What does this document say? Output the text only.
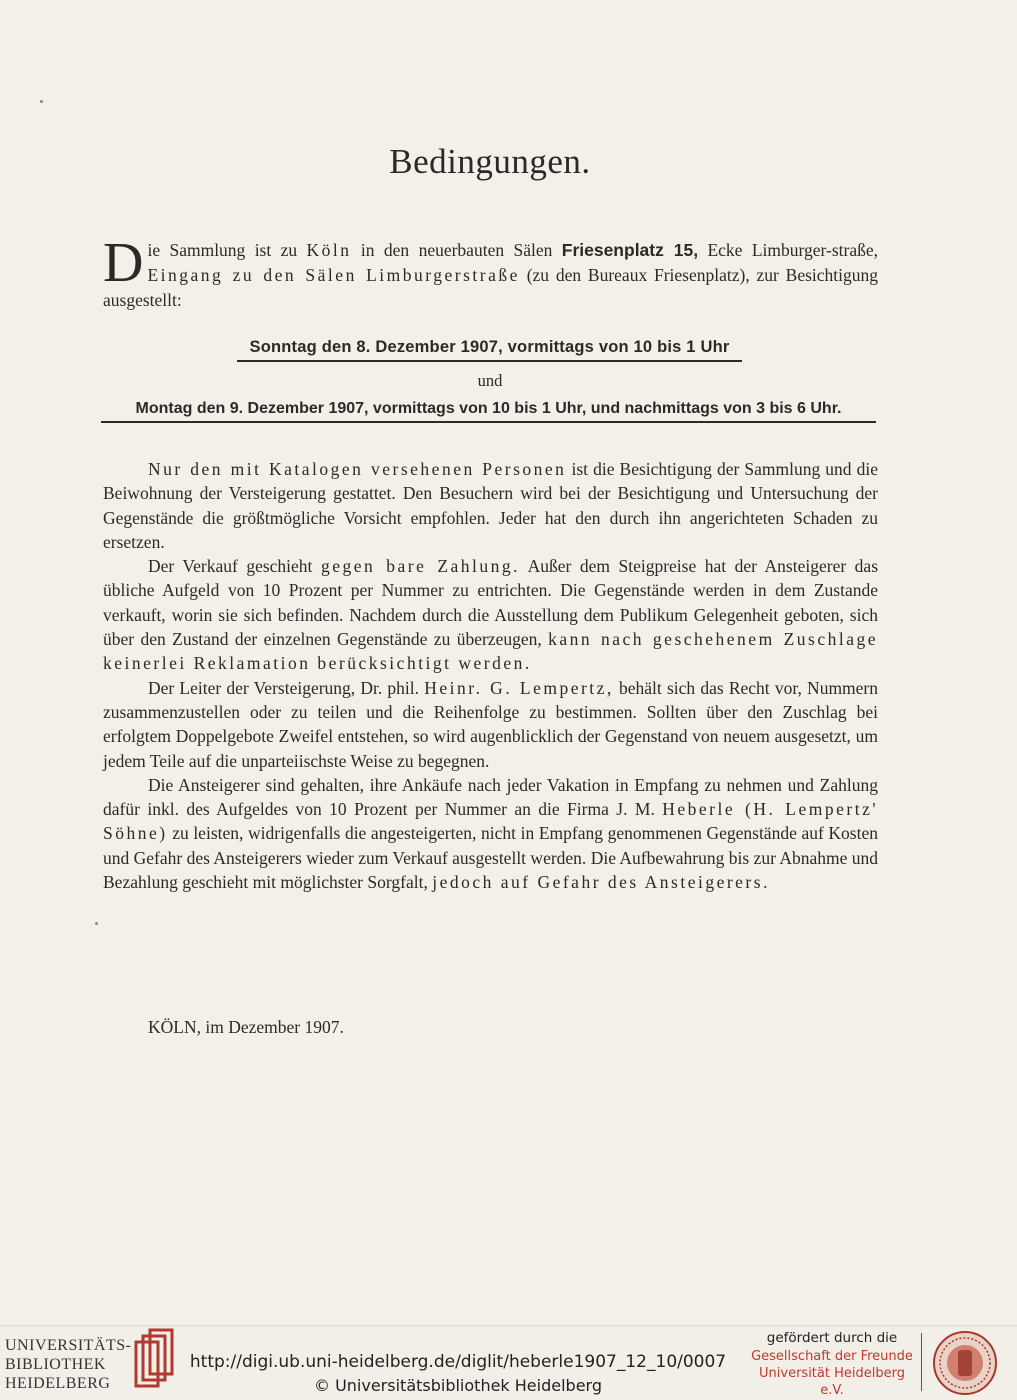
Bedingungen.
Die Sammlung ist zu Köln in den neuerbauten Sälen Friesenplatz 15, Ecke Limburger-straße, Eingang zu den Sälen Limburgerstraße (zu den Bureaux Friesenplatz), zur Besichtigung ausgestellt:
Sonntag den 8. Dezember 1907, vormittags von 10 bis 1 Uhr
und
Montag den 9. Dezember 1907, vormittags von 10 bis 1 Uhr, und nachmittags von 3 bis 6 Uhr.

Nur den mit Katalogen versehenen Personen ist die Besichtigung der Sammlung und die Beiwohnung der Versteigerung gestattet. Den Besuchern wird bei der Besichtigung und Untersuchung der Gegenstände die größtmögliche Vorsicht empfohlen. Jeder hat den durch ihn angerichteten Schaden zu ersetzen.

Der Verkauf geschieht gegen bare Zahlung. Außer dem Steigpreise hat der Ansteigerer das übliche Aufgeld von 10 Prozent per Nummer zu entrichten. Die Gegenstände werden in dem Zustande verkauft, worin sie sich befinden. Nachdem durch die Ausstellung dem Publikum Gelegenheit geboten, sich über den Zustand der einzelnen Gegenstände zu überzeugen, kann nach geschehenem Zuschlage keinerlei Reklamation berücksichtigt werden.

Der Leiter der Versteigerung, Dr. phil. Heinr. G. Lempertz, behält sich das Recht vor, Nummern zusammenzustellen oder zu teilen und die Reihenfolge zu bestimmen. Sollten über den Zuschlag bei erfolgtem Doppelgebote Zweifel entstehen, so wird augenblicklich der Gegenstand von neuem ausgesetzt, um jedem Teile auf die unparteiischste Weise zu begegnen.

Die Ansteigerer sind gehalten, ihre Ankäufe nach jeder Vakation in Empfang zu nehmen und Zahlung dafür inkl. des Aufgeldes von 10 Prozent per Nummer an die Firma J. M. Heberle (H. Lempertz' Söhne) zu leisten, widrigenfalls die angesteigerten, nicht in Empfang genommenen Gegenstände auf Kosten und Gefahr des Ansteigerers wieder zum Verkauf ausgestellt werden. Die Aufbewahrung bis zur Abnahme und Bezahlung geschieht mit möglichster Sorgfalt, jedoch auf Gefahr des Ansteigerers.

KÖLN, im Dezember 1907.
UNIVERSITÄTS-
BIBLIOTHEK
HEIDELBERG
http://digi.ub.uni-heidelberg.de/diglit/heberle1907_12_10/0007
© Universitätsbibliothek Heidelberg
gefördert durch die
Gesellschaft der Freunde
Universität Heidelberg e.V.
